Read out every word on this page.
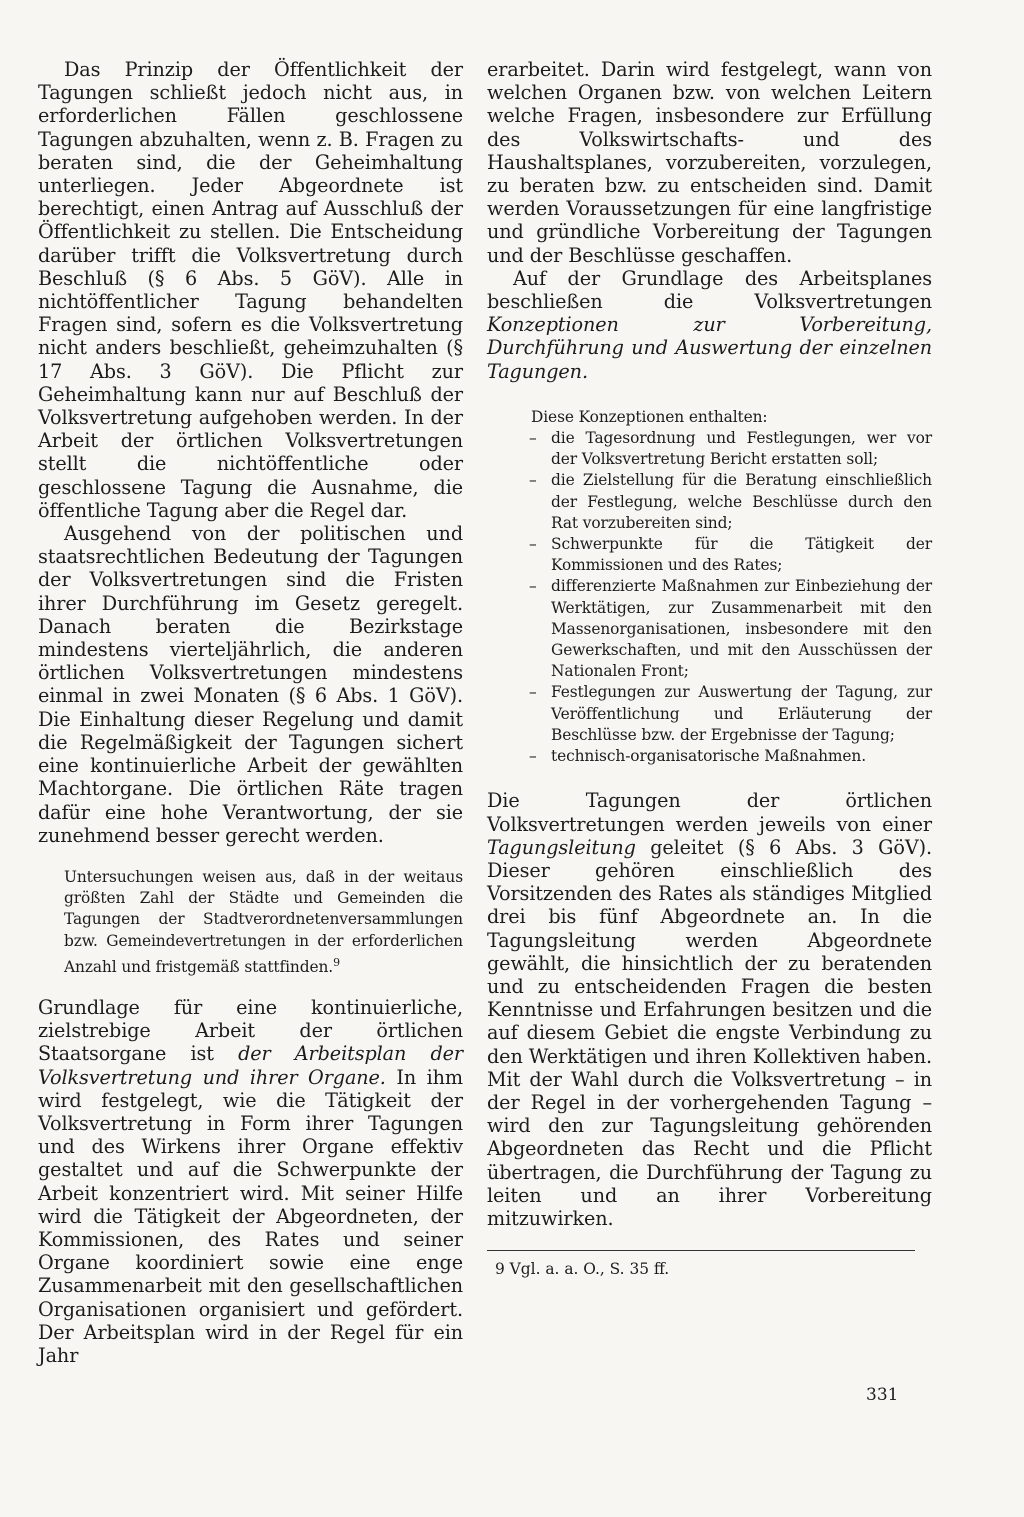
Das Prinzip der Öffentlichkeit der Tagungen schließt jedoch nicht aus, in erforderlichen Fällen geschlossene Tagungen abzuhalten, wenn z. B. Fragen zu beraten sind, die der Geheimhaltung unterliegen. Jeder Abgeordnete ist berechtigt, einen Antrag auf Ausschluß der Öffentlichkeit zu stellen. Die Entscheidung darüber trifft die Volksvertretung durch Beschluß (§ 6 Abs. 5 GöV). Alle in nichtöffentlicher Tagung behandelten Fragen sind, sofern es die Volksvertretung nicht anders beschließt, geheimzuhalten (§ 17 Abs. 3 GöV). Die Pflicht zur Geheimhaltung kann nur auf Beschluß der Volksvertretung aufgehoben werden. In der Arbeit der örtlichen Volksvertretungen stellt die nichtöffentliche oder geschlossene Tagung die Ausnahme, die öffentliche Tagung aber die Regel dar.

Ausgehend von der politischen und staatsrechtlichen Bedeutung der Tagungen der Volksvertretungen sind die Fristen ihrer Durchführung im Gesetz geregelt. Danach beraten die Bezirkstage mindestens vierteljährlich, die anderen örtlichen Volksvertretungen mindestens einmal in zwei Monaten (§ 6 Abs. 1 GöV). Die Einhaltung dieser Regelung und damit die Regelmäßigkeit der Tagungen sichert eine kontinuierliche Arbeit der gewählten Machtorgane. Die örtlichen Räte tragen dafür eine hohe Verantwortung, der sie zunehmend besser gerecht werden.

Untersuchungen weisen aus, daß in der weitaus größten Zahl der Städte und Gemeinden die Tagungen der Stadtverordnetenversammlungen bzw. Gemeindevertretungen in der erforderlichen Anzahl und fristgemäß stattfinden.$^9$

Grundlage für eine kontinuierliche, zielstrebige Arbeit der örtlichen Staatsorgane ist der Arbeitsplan der Volksvertretung und ihrer Organe. In ihm wird festgelegt, wie die Tätigkeit der Volksvertretung in Form ihrer Tagungen und des Wirkens ihrer Organe effektiv gestaltet und auf die Schwerpunkte der Arbeit konzentriert wird. Mit seiner Hilfe wird die Tätigkeit der Abgeordneten, der Kommissionen, des Rates und seiner Organe koordiniert sowie eine enge Zusammenarbeit mit den gesellschaftlichen Organisationen organisiert und gefördert. Der Arbeitsplan wird in der Regel für ein Jahr

erarbeitet. Darin wird festgelegt, wann von welchen Organen bzw. von welchen Leitern welche Fragen, insbesondere zur Erfüllung des Volkswirtschafts- und des Haushaltsplanes, vorzubereiten, vorzulegen, zu beraten bzw. zu entscheiden sind. Damit werden Voraussetzungen für eine langfristige und gründliche Vorbereitung der Tagungen und der Beschlüsse geschaffen.

Auf der Grundlage des Arbeitsplanes beschließen die Volksvertretungen Konzeptionen zur Vorbereitung, Durchführung und Auswertung der einzelnen Tagungen.

Diese Konzeptionen enthalten:

– die Tagesordnung und Festlegungen, wer vor der Volksvertretung Bericht erstatten soll;
– die Zielstellung für die Beratung einschließlich der Festlegung, welche Beschlüsse durch den Rat vorzubereiten sind;
– Schwerpunkte für die Tätigkeit der Kommissionen und des Rates;
– differenzierte Maßnahmen zur Einbeziehung der Werktätigen, zur Zusammenarbeit mit den Massenorganisationen, insbesondere mit den Gewerkschaften, und mit den Ausschüssen der Nationalen Front;
– Festlegungen zur Auswertung der Tagung, zur Veröffentlichung und Erläuterung der Beschlüsse bzw. der Ergebnisse der Tagung;
– technisch-organisatorische Maßnahmen.

Die Tagungen der örtlichen Volksvertretungen werden jeweils von einer Tagungsleitung geleitet (§ 6 Abs. 3 GöV). Dieser gehören einschließlich des Vorsitzenden des Rates als ständiges Mitglied drei bis fünf Abgeordnete an. In die Tagungsleitung werden Abgeordnete gewählt, die hinsichtlich der zu beratenden und zu entscheidenden Fragen die besten Kenntnisse und Erfahrungen besitzen und die auf diesem Gebiet die engste Verbindung zu den Werktätigen und ihren Kollektiven haben. Mit der Wahl durch die Volksvertretung – in der Regel in der vorhergehenden Tagung – wird den zur Tagungsleitung gehörenden Abgeordneten das Recht und die Pflicht übertragen, die Durchführung der Tagung zu leiten und an ihrer Vorbereitung mitzuwirken.

9 Vgl. a. a. O., S. 35 ff.
331
